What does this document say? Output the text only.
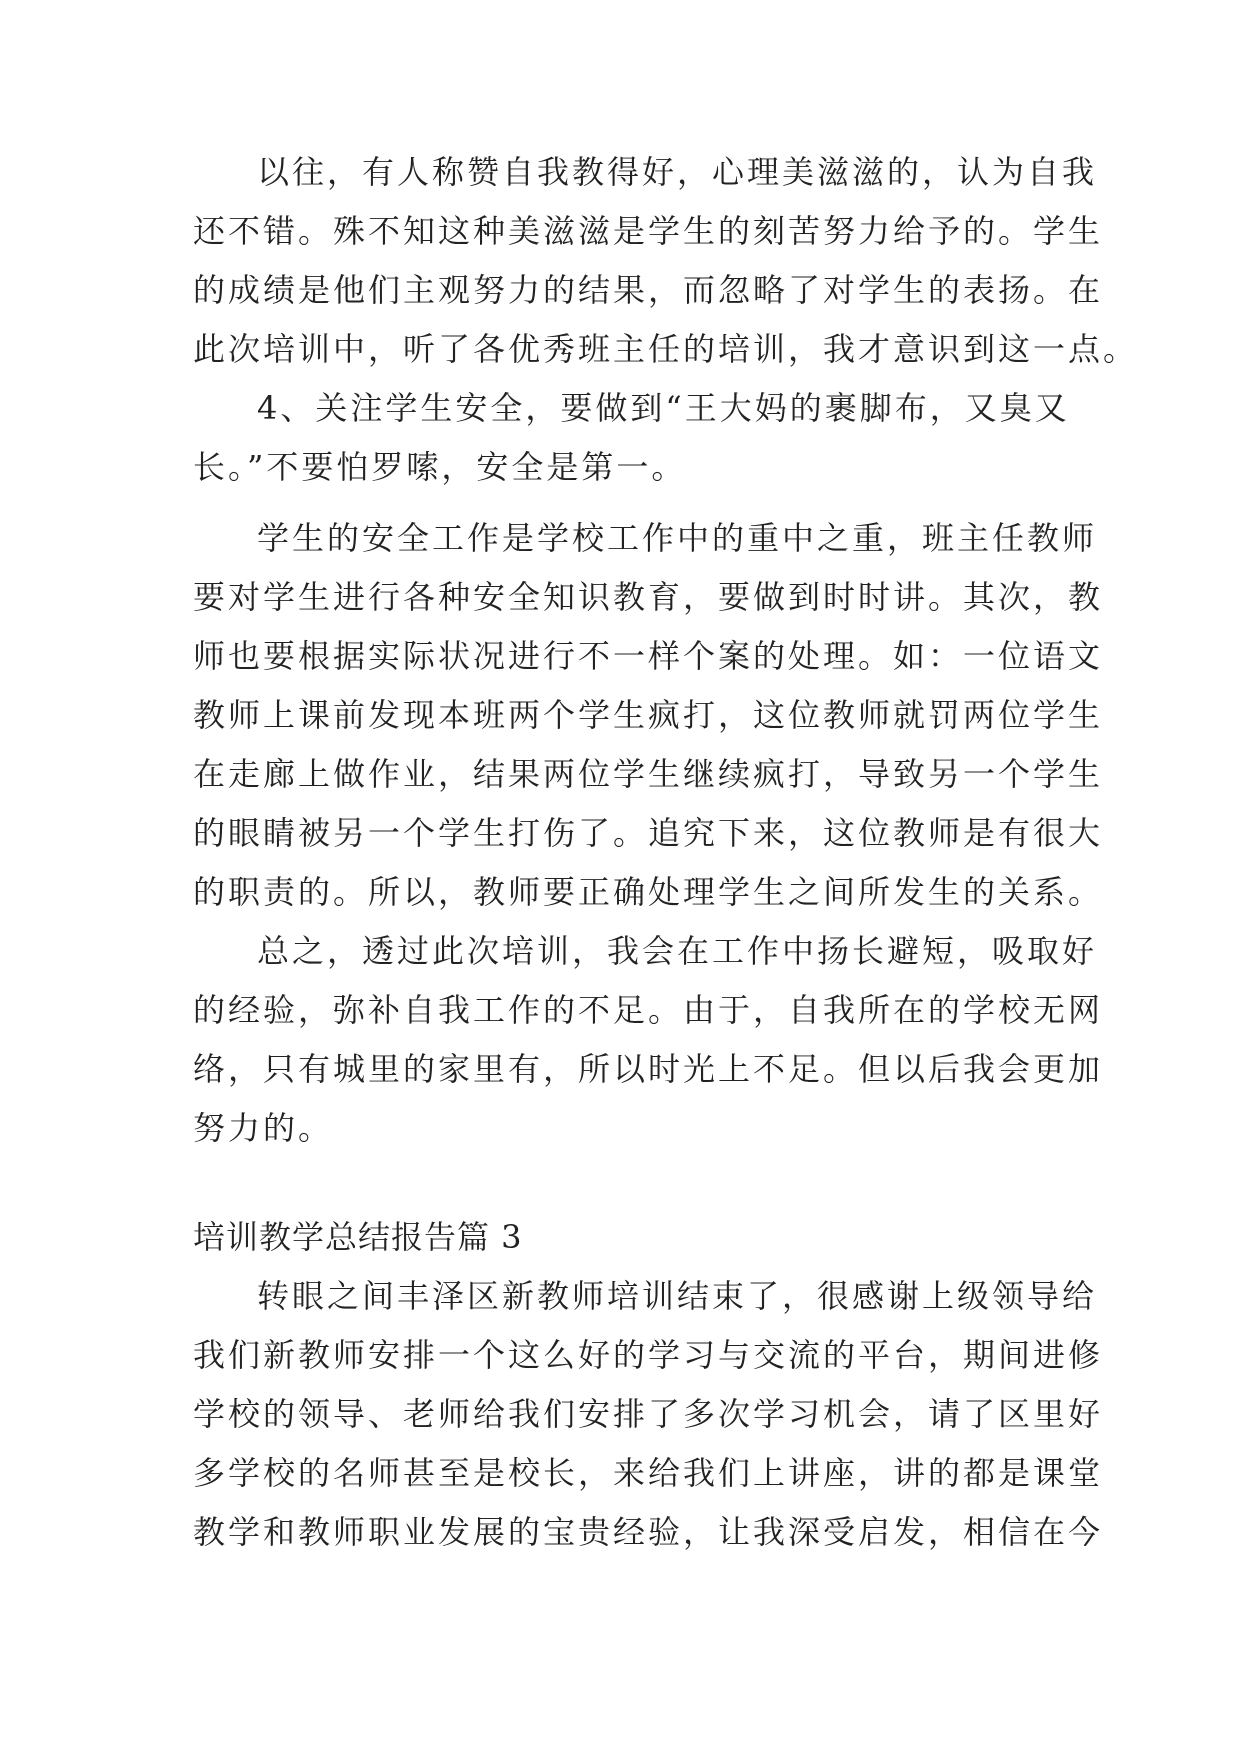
以往，有人称赞自我教得好，心理美滋滋的，认为自我
还不错。殊不知这种美滋滋是学生的刻苦努力给予的。学生
的成绩是他们主观努力的结果，而忽略了对学生的表扬。在
此次培训中，听了各优秀班主任的培训，我才意识到这一点。
4、关注学生安全，要做到“王大妈的裹脚布，又臭又
长。”不要怕罗嗦，安全是第一。
学生的安全工作是学校工作中的重中之重，班主任教师
要对学生进行各种安全知识教育，要做到时时讲。其次，教
师也要根据实际状况进行不一样个案的处理。如：一位语文
教师上课前发现本班两个学生疯打，这位教师就罚两位学生
在走廊上做作业，结果两位学生继续疯打，导致另一个学生
的眼睛被另一个学生打伤了。追究下来，这位教师是有很大
的职责的。所以，教师要正确处理学生之间所发生的关系。
总之，透过此次培训，我会在工作中扬长避短，吸取好
的经验，弥补自我工作的不足。由于，自我所在的学校无网
络，只有城里的家里有，所以时光上不足。但以后我会更加
努力的。
培训教学总结报告篇 3
转眼之间丰泽区新教师培训结束了，很感谢上级领导给
我们新教师安排一个这么好的学习与交流的平台，期间进修
学校的领导、老师给我们安排了多次学习机会，请了区里好
多学校的名师甚至是校长，来给我们上讲座，讲的都是课堂
教学和教师职业发展的宝贵经验，让我深受启发，相信在今
